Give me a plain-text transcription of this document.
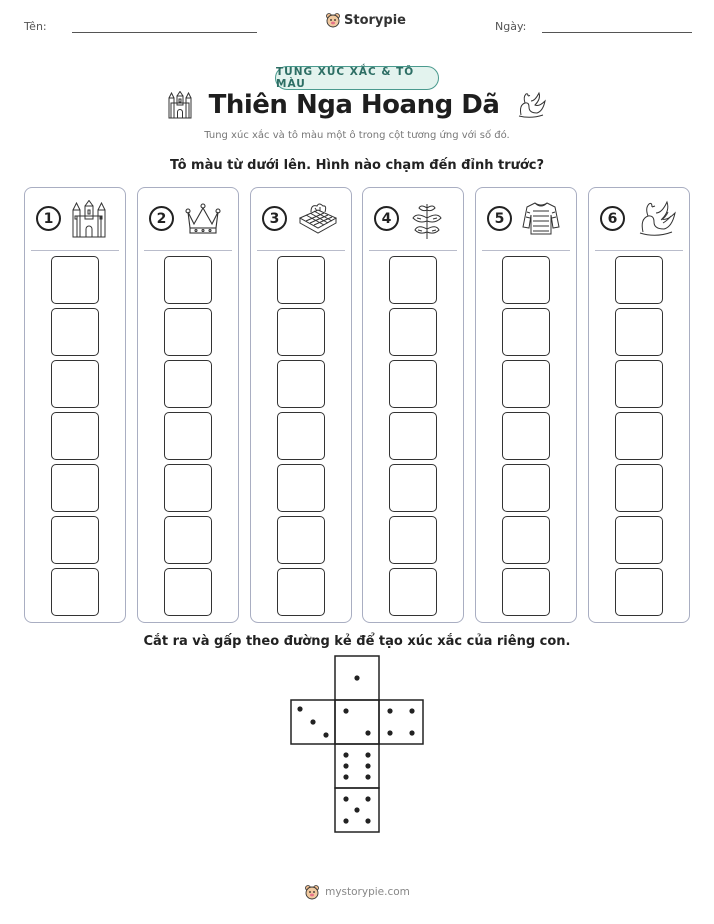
Tên:	Storypie	Ngày:
TUNG XÚC XẮC & TÔ MÀU
Thiên Nga Hoang Dã
Tung xúc xắc và tô màu một ô trong cột tương ứng với số đó.
Tô màu từ dưới lên. Hình nào chạm đến đỉnh trước?
1	2	3	4	5	6
Cắt ra và gấp theo đường kẻ để tạo xúc xắc của riêng con.
mystorypie.com
